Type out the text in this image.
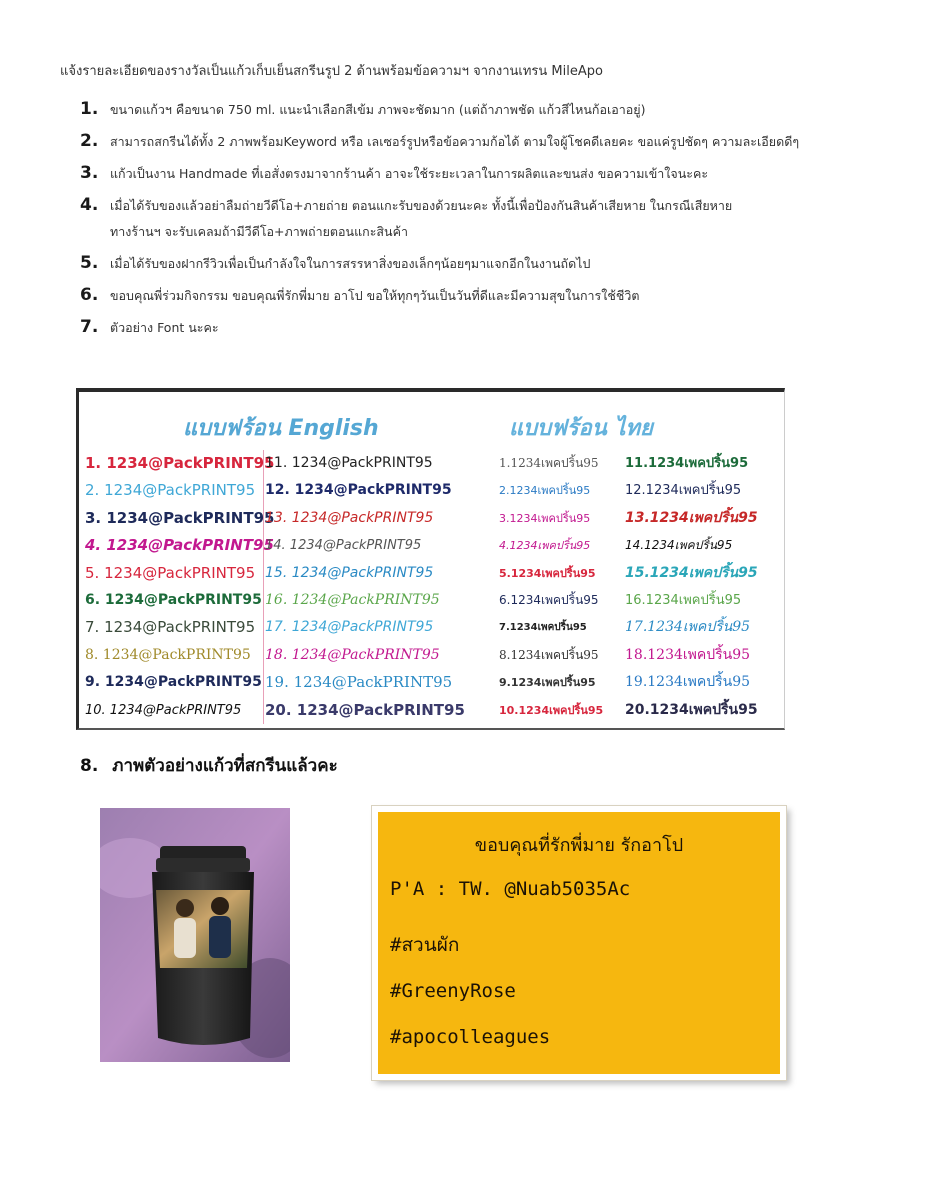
แจ้งรายละเอียดของรางวัลเป็นแก้วเก็บเย็นสกรีนรูป 2 ด้านพร้อมข้อความฯ จากงานเทรน MileApo
1. ขนาดแก้วฯ คือขนาด 750 ml. แนะนำเลือกสีเข้ม ภาพจะชัดมาก (แต่ถ้าภาพชัด แก้วสีไหนก้อเอาอยู่)
2. สามารถสกรีนได้ทั้ง 2 ภาพพร้อมKeyword หรือ เลเซอร์รูปหรือข้อความก้อได้ ตามใจผู้โชคดีเลยคะ ขอแค่รูปชัดๆ ความละเอียดดีๆ
3. แก้วเป็นงาน Handmade ที่เอสั่งตรงมาจากร้านค้า อาจะใช้ระยะเวลาในการผลิตและขนส่ง ขอความเข้าใจนะคะ
4. เมื่อได้รับของแล้วอย่าลืมถ่ายวีดีโอ+ภายถ่าย ตอนแกะรับของด้วยนะคะ ทั้งนี้เพื่อป้องกันสินค้าเสียหาย ในกรณีเสียหาย
ทางร้านฯ จะรับเคลมถ้ามีวีดีโอ+ภาพถ่ายตอนแกะสินค้า
5. เมื่อได้รับของฝากรีวิวเพื่อเป็นกำลังใจในการสรรหาสิ่งของเล็กๆน้อยๆมาแจกอีกในงานถัดไป
6. ขอบคุณพี่ร่วมกิจกรรม ขอบคุณพี่รักพี่มาย อาโป ขอให้ทุกๆวันเป็นวันที่ดีและมีความสุขในการใช้ชีวิต
7. ตัวอย่าง Font นะคะ
แบบฟร้อน English	แบบฟร้อน ไทย
1. 1234@PackPRINT95
2. 1234@PackPRINT95
3. 1234@PackPRINT95
4. 1234@PackPRINT95
5. 1234@PackPRINT95
6. 1234@PackPRINT95
7. 1234@PackPRINT95
8. 1234@PackPRINT95
9. 1234@PackPRINT95
10. 1234@PackPRINT95
11. 1234@PackPRINT95
12. 1234@PackPRINT95
13. 1234@PackPRINT95
14. 1234@PackPRINT95
15. 1234@PackPRINT95
16. 1234@PackPRINT95
17. 1234@PackPRINT95
18. 1234@PackPRINT95
19. 1234@PackPRINT95
20. 1234@PackPRINT95
1.1234เพคปริ้น95
2.1234เพคปริ้น95
3.1234เพคปริ้น95
4.1234เพคปริ้น95
5.1234เพคปริ้น95
6.1234เพคปริ้น95
7.1234เพคปริ้น95
8.1234เพคปริ้น95
9.1234เพคปริ้น95
10.1234เพคปริ้น95
11.1234เพคปริ้น95
12.1234เพคปริ้น95
13.1234เพคปริ้น95
14.1234เพคปริ้น95
15.1234เพคปริ้น95
16.1234เพคปริ้น95
17.1234เพคปริ้น95
18.1234เพคปริ้น95
19.1234เพคปริ้น95
20.1234เพคปริ้น95
8. ภาพตัวอย่างแก้วที่สกรีนแล้วคะ
ขอบคุณที่รักพี่มาย รักอาโป
P'A : TW. @Nuab5035Ac
#สวนผัก
#GreenyRose
#apocolleagues
